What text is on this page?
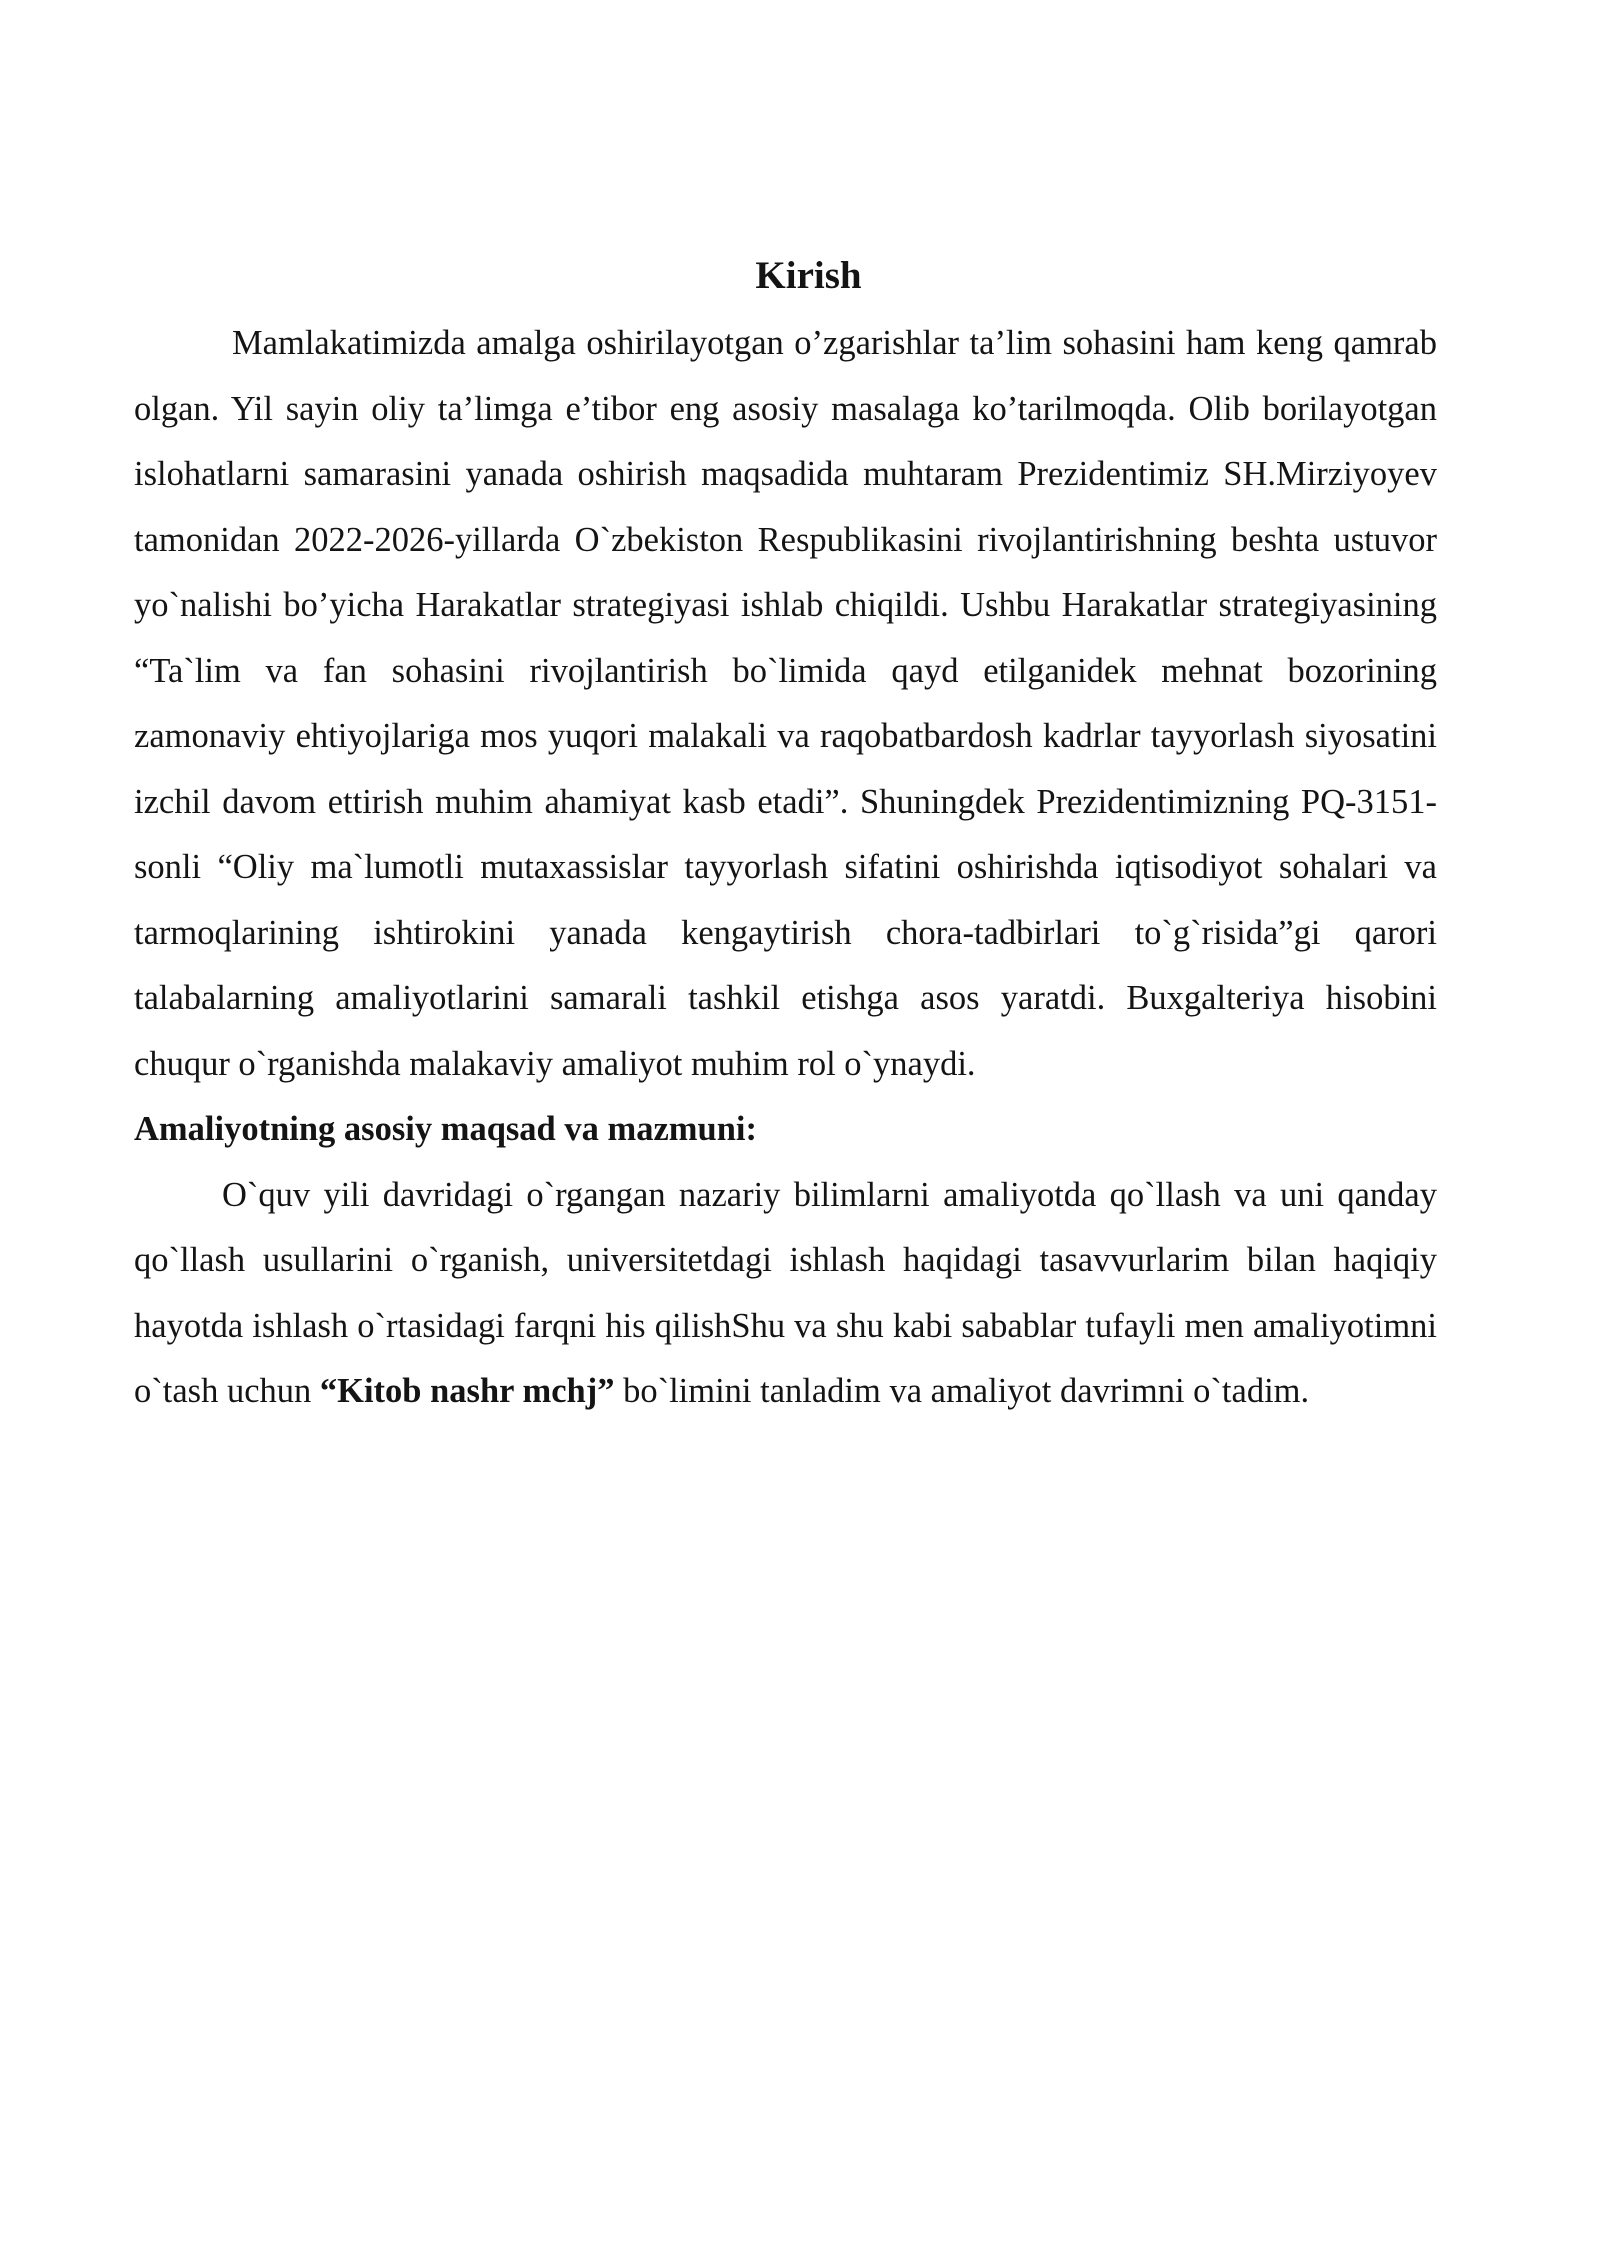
Kirish

Mamlakatimizda amalga oshirilayotgan o’zgarishlar ta’lim sohasini ham keng qamrab olgan. Yil sayin oliy ta’limga e’tibor eng asosiy masalaga ko’tarilmoqda. Olib borilayotgan islohatlarni samarasini yanada oshirish maqsadida muhtaram Prezidentimiz SH.Mirziyoyev tamonidan 2022-2026-yillarda O`zbekiston Respublikasini rivojlantirishning beshta ustuvor yo`nalishi bo’yicha Harakatlar strategiyasi ishlab chiqildi. Ushbu Harakatlar strategiyasining “Ta`lim va fan sohasini rivojlantirish bo`limida qayd etilganidek mehnat bozorining zamonaviy ehtiyojlariga mos yuqori malakali va raqobatbardosh kadrlar tayyorlash siyosatini izchil davom ettirish muhim ahamiyat kasb etadi”. Shuningdek Prezidentimizning PQ-3151-sonli “Oliy ma`lumotli mutaxassislar tayyorlash sifatini oshirishda iqtisodiyot sohalari va tarmoqlarining ishtirokini yanada kengaytirish chora-tadbirlari to`g`risida”gi qarori talabalarning amaliyotlarini samarali tashkil etishga asos yaratdi. Buxgalteriya hisobini chuqur o`rganishda malakaviy amaliyot muhim rol o`ynaydi.

Amaliyotning asosiy maqsad va mazmuni:

O`quv yili davridagi o`rgangan nazariy bilimlarni amaliyotda qo`llash va uni qanday qo`llash usullarini o`rganish, universitetdagi ishlash haqidagi tasavvurlarim bilan haqiqiy hayotda ishlash o`rtasidagi farqni his qilishShu va shu kabi sabablar tufayli men amaliyotimni o`tash uchun “Kitob nashr mchj” bo`limini tanladim va amaliyot davrimni o`tadim.
